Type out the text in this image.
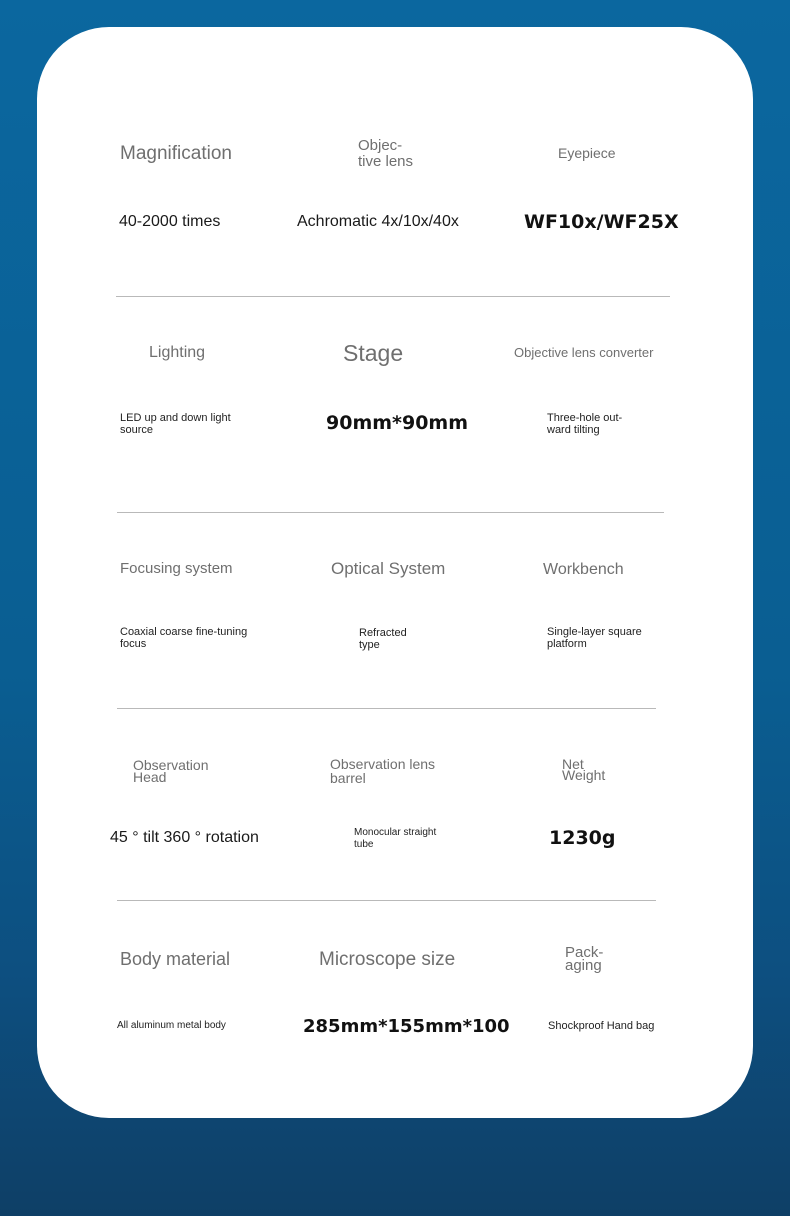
Magnification
40-2000 times
Objec-
tive lens
Achromatic 4x/10x/40x
Eyepiece
WF10x/WF25X
Lighting
LED up and down light
source
Stage
90mm*90mm
Objective lens converter
Three-hole out-
ward tilting
Focusing system
Coaxial coarse fine-tuning
focus
Optical System
Refracted
type
Workbench
Single-layer square
platform
Observation
Head
45 ° tilt 360 ° rotation
Observation lens
barrel
Monocular straight
tube
Net
Weight
1230g
Body material
All aluminum metal body
Microscope size
285mm*155mm*100
Pack-
aging
Shockproof Hand bag
